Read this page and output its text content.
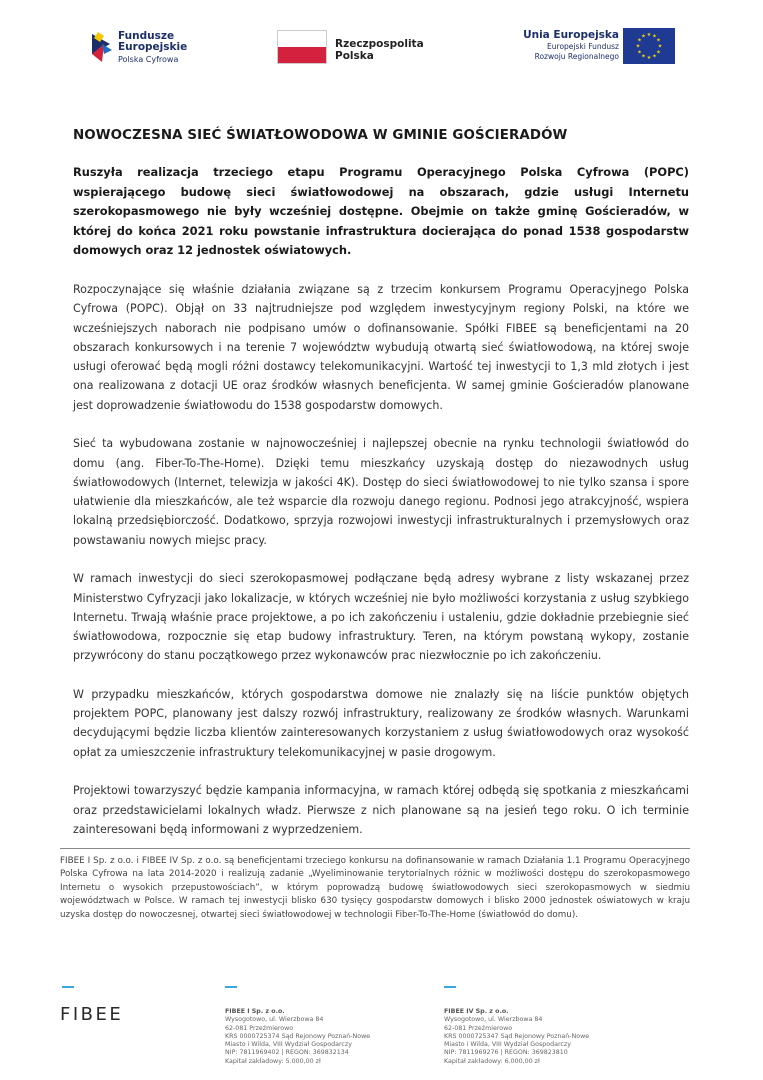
Fundusze
Europejskie
Polska Cyfrowa
Rzeczpospolita
Polska
Unia Europejska
Europejski Fundusz
Rozwoju Regionalnego
★ ★
★
★
★
★
★
★
★
★
★
★
NOWOCZESNA SIEĆ ŚWIATŁOWODOWA W GMINIE GOŚCIERADÓW

Ruszyła realizacja trzeciego etapu Programu Operacyjnego Polska Cyfrowa (POPC) wspierającego budowę sieci światłowodowej na obszarach, gdzie usługi Internetu szerokopasmowego nie były wcześniej dostępne. Obejmie on także gminę Gościeradów, w której do końca 2021 roku powstanie infrastruktura docierająca do ponad 1538 gospodarstw domowych oraz 12 jednostek oświatowych.

Rozpoczynające się właśnie działania związane są z trzecim konkursem Programu Operacyjnego Polska Cyfrowa (POPC). Objął on 33 najtrudniejsze pod względem inwestycyjnym regiony Polski, na które we wcześniejszych naborach nie podpisano umów o dofinansowanie. Spółki FIBEE są beneficjentami na 20 obszarach konkursowych i na terenie 7 województw wybudują otwartą sieć światłowodową, na której swoje usługi oferować będą mogli różni dostawcy telekomunikacyjni. Wartość tej inwestycji to 1,3 mld złotych i jest ona realizowana z dotacji UE oraz środków własnych beneficjenta. W samej gminie Gościeradów planowane jest doprowadzenie światłowodu do 1538 gospodarstw domowych.

Sieć ta wybudowana zostanie w najnowocześniej i najlepszej obecnie na rynku technologii światłowód do domu (ang. Fiber-To-The-Home). Dzięki temu mieszkańcy uzyskają dostęp do niezawodnych usług światłowodowych (Internet, telewizja w jakości 4K). Dostęp do sieci światłowodowej to nie tylko szansa i spore ułatwienie dla mieszkańców, ale też wsparcie dla rozwoju danego regionu. Podnosi jego atrakcyjność, wspiera lokalną przedsiębiorczość. Dodatkowo, sprzyja rozwojowi inwestycji infrastrukturalnych i przemysłowych oraz powstawaniu nowych miejsc pracy.

W ramach inwestycji do sieci szerokopasmowej podłączane będą adresy wybrane z listy wskazanej przez Ministerstwo Cyfryzacji jako lokalizacje, w których wcześniej nie było możliwości korzystania z usług szybkiego Internetu. Trwają właśnie prace projektowe, a po ich zakończeniu i ustaleniu, gdzie dokładnie przebiegnie sieć światłowodowa, rozpocznie się etap budowy infrastruktury. Teren, na którym powstaną wykopy, zostanie przywrócony do stanu początkowego przez wykonawców prac niezwłocznie po ich zakończeniu.

W przypadku mieszkańców, których gospodarstwa domowe nie znalazły się na liście punktów objętych projektem POPC, planowany jest dalszy rozwój infrastruktury, realizowany ze środków własnych. Warunkami decydującymi będzie liczba klientów zainteresowanych korzystaniem z usług światłowodowych oraz wysokość opłat za umieszczenie infrastruktury telekomunikacyjnej w pasie drogowym.

Projektowi towarzyszyć będzie kampania informacyjna, w ramach której odbędą się spotkania z mieszkańcami oraz przedstawicielami lokalnych władz. Pierwsze z nich planowane są na jesień tego roku. O ich terminie zainteresowani będą informowani z wyprzedzeniem.

FIBEE I Sp. z o.o. i FIBEE IV Sp. z o.o. są beneficjentami trzeciego konkursu na dofinansowanie w ramach Działania 1.1 Programu Operacyjnego Polska Cyfrowa na lata 2014-2020 i realizują zadanie „Wyeliminowanie terytorialnych różnic w możliwości dostępu do szerokopasmowego Internetu o wysokich przepustowościach”, w którym poprowadzą budowę światłowodowych sieci szerokopasmowych w siedmiu województwach w Polsce. W ramach tej inwestycji blisko 630 tysięcy gospodarstw domowych i blisko 2000 jednostek oświatowych w kraju uzyska dostęp do nowoczesnej, otwartej sieci światłowodowej w technologii Fiber-To-The-Home (światłowód do domu).
FIBEE	FIBEE I Sp. z o.o.
Wysogotowo, ul. Wierzbowa 84
62-081 Przeźmierowo
KRS 0000725374 Sąd Rejonowy Poznań-Nowe
Miasto i Wilda, VIII Wydział Gospodarczy
NIP: 7811969402 | REGON: 369832134
Kapitał zakładowy: 5.000,00 zł
FIBEE IV Sp. z o.o.
Wysogotowo, ul. Wierzbowa 84
62-081 Przeźmierowo
KRS 0000725347 Sąd Rejonowy Poznań-Nowe
Miasto i Wilda, VIII Wydział Gospodarczy
NIP: 7811969276 | REGON: 369823810
Kapitał zakładowy: 6.000,00 zł
